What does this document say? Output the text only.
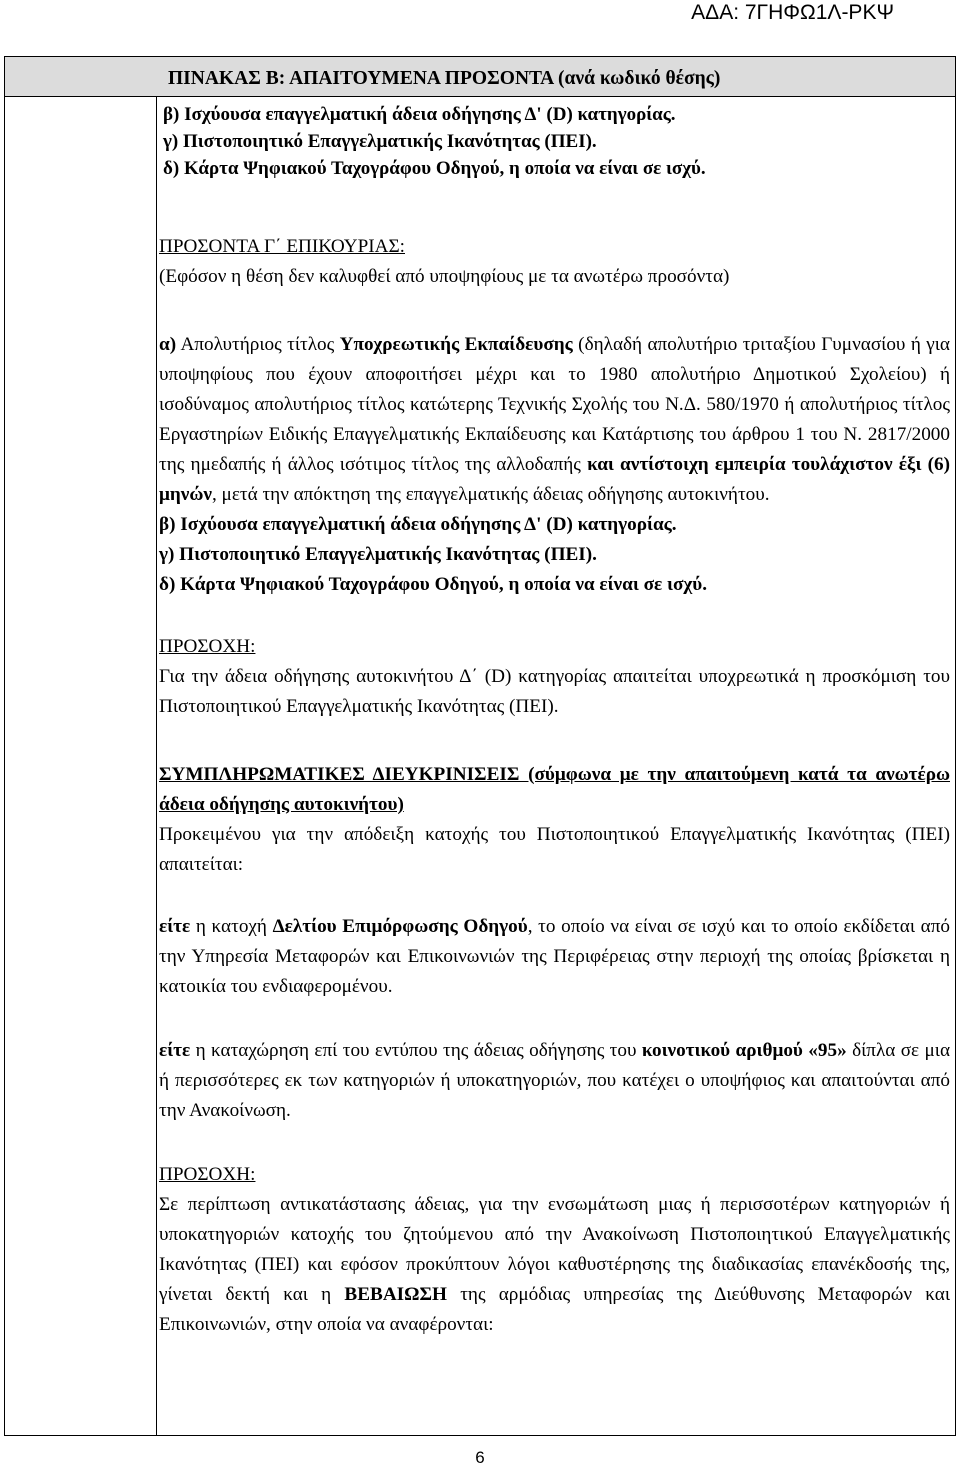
ΑΔΑ: 7ΓΗΦΩ1Λ-ΡΚΨ
ΠΙΝΑΚΑΣ Β: ΑΠΑΙΤΟΥΜΕΝΑ ΠΡΟΣΟΝΤΑ (ανά κωδικό θέσης)
β) Ισχύουσα επαγγελματική άδεια οδήγησης Δ' (D) κατηγορίας.
γ) Πιστοποιητικό Επαγγελματικής Ικανότητας (ΠΕΙ).
δ) Κάρτα Ψηφιακού Ταχογράφου Οδηγού, η οποία να είναι σε ισχύ.

ΠΡΟΣΟΝΤΑ Γ΄ ΕΠΙΚΟΥΡΙΑΣ:

(Εφόσον η θέση δεν καλυφθεί από υποψηφίους με τα ανωτέρω προσόντα)

α) Απολυτήριος τίτλος Υποχρεωτικής Εκπαίδευσης (δηλαδή απολυτήριο τριταξίου Γυμνασίου ή για υποψηφίους που έχουν αποφοιτήσει μέχρι και το 1980 απολυτήριο Δημοτικού Σχολείου) ή ισοδύναμος απολυτήριος τίτλος κατώτερης Τεχνικής Σχολής του Ν.Δ. 580/1970 ή απολυτήριος τίτλος Εργαστηρίων Ειδικής Επαγγελματικής Εκπαίδευσης και Κατάρτισης του άρθρου 1 του Ν. 2817/2000 της ημεδαπής ή άλλος ισότιμος τίτλος της αλλοδαπής και αντίστοιχη εμπειρία τουλάχιστον έξι (6) μηνών, μετά την απόκτηση της επαγγελματικής άδειας οδήγησης αυτοκινήτου.

β) Ισχύουσα επαγγελματική άδεια οδήγησης Δ' (D) κατηγορίας.

γ) Πιστοποιητικό Επαγγελματικής Ικανότητας (ΠΕΙ).

δ) Κάρτα Ψηφιακού Ταχογράφου Οδηγού, η οποία να είναι σε ισχύ.

ΠΡΟΣΟΧΗ:

Για την άδεια οδήγησης αυτοκινήτου Δ΄ (D) κατηγορίας απαιτείται υποχρεωτικά η προσκόμιση του Πιστοποιητικού Επαγγελματικής Ικανότητας (ΠΕΙ).

ΣΥΜΠΛΗΡΩΜΑΤΙΚΕΣ ΔΙΕΥΚΡΙΝΙΣΕΙΣ (σύμφωνα με την απαιτούμενη κατά τα ανωτέρω άδεια οδήγησης αυτοκινήτου)

Προκειμένου για την απόδειξη κατοχής του Πιστοποιητικού Επαγγελματικής Ικανότητας (ΠΕΙ) απαιτείται:

είτε η κατοχή Δελτίου Επιμόρφωσης Οδηγού, το οποίο να είναι σε ισχύ και το οποίο εκδίδεται από την Υπηρεσία Μεταφορών και Επικοινωνιών της Περιφέρειας στην περιοχή της οποίας βρίσκεται η κατοικία του ενδιαφερομένου.

είτε η καταχώρηση επί του εντύπου της άδειας οδήγησης του κοινοτικού αριθμού «95» δίπλα σε μια ή περισσότερες εκ των κατηγοριών ή υποκατηγοριών, που κατέχει ο υποψήφιος και απαιτούνται από την Ανακοίνωση.

ΠΡΟΣΟΧΗ:

Σε περίπτωση αντικατάστασης άδειας, για την ενσωμάτωση μιας ή περισσοτέρων κατηγοριών ή υποκατηγοριών κατοχής του ζητούμενου από την Ανακοίνωση Πιστοποιητικού Επαγγελματικής Ικανότητας (ΠΕΙ) και εφόσον προκύπτουν λόγοι καθυστέρησης της διαδικασίας επανέκδοσής της, γίνεται δεκτή και η ΒΕΒΑΙΩΣΗ της αρμόδιας υπηρεσίας της Διεύθυνσης Μεταφορών και Επικοινωνιών, στην οποία να αναφέρονται:

6
